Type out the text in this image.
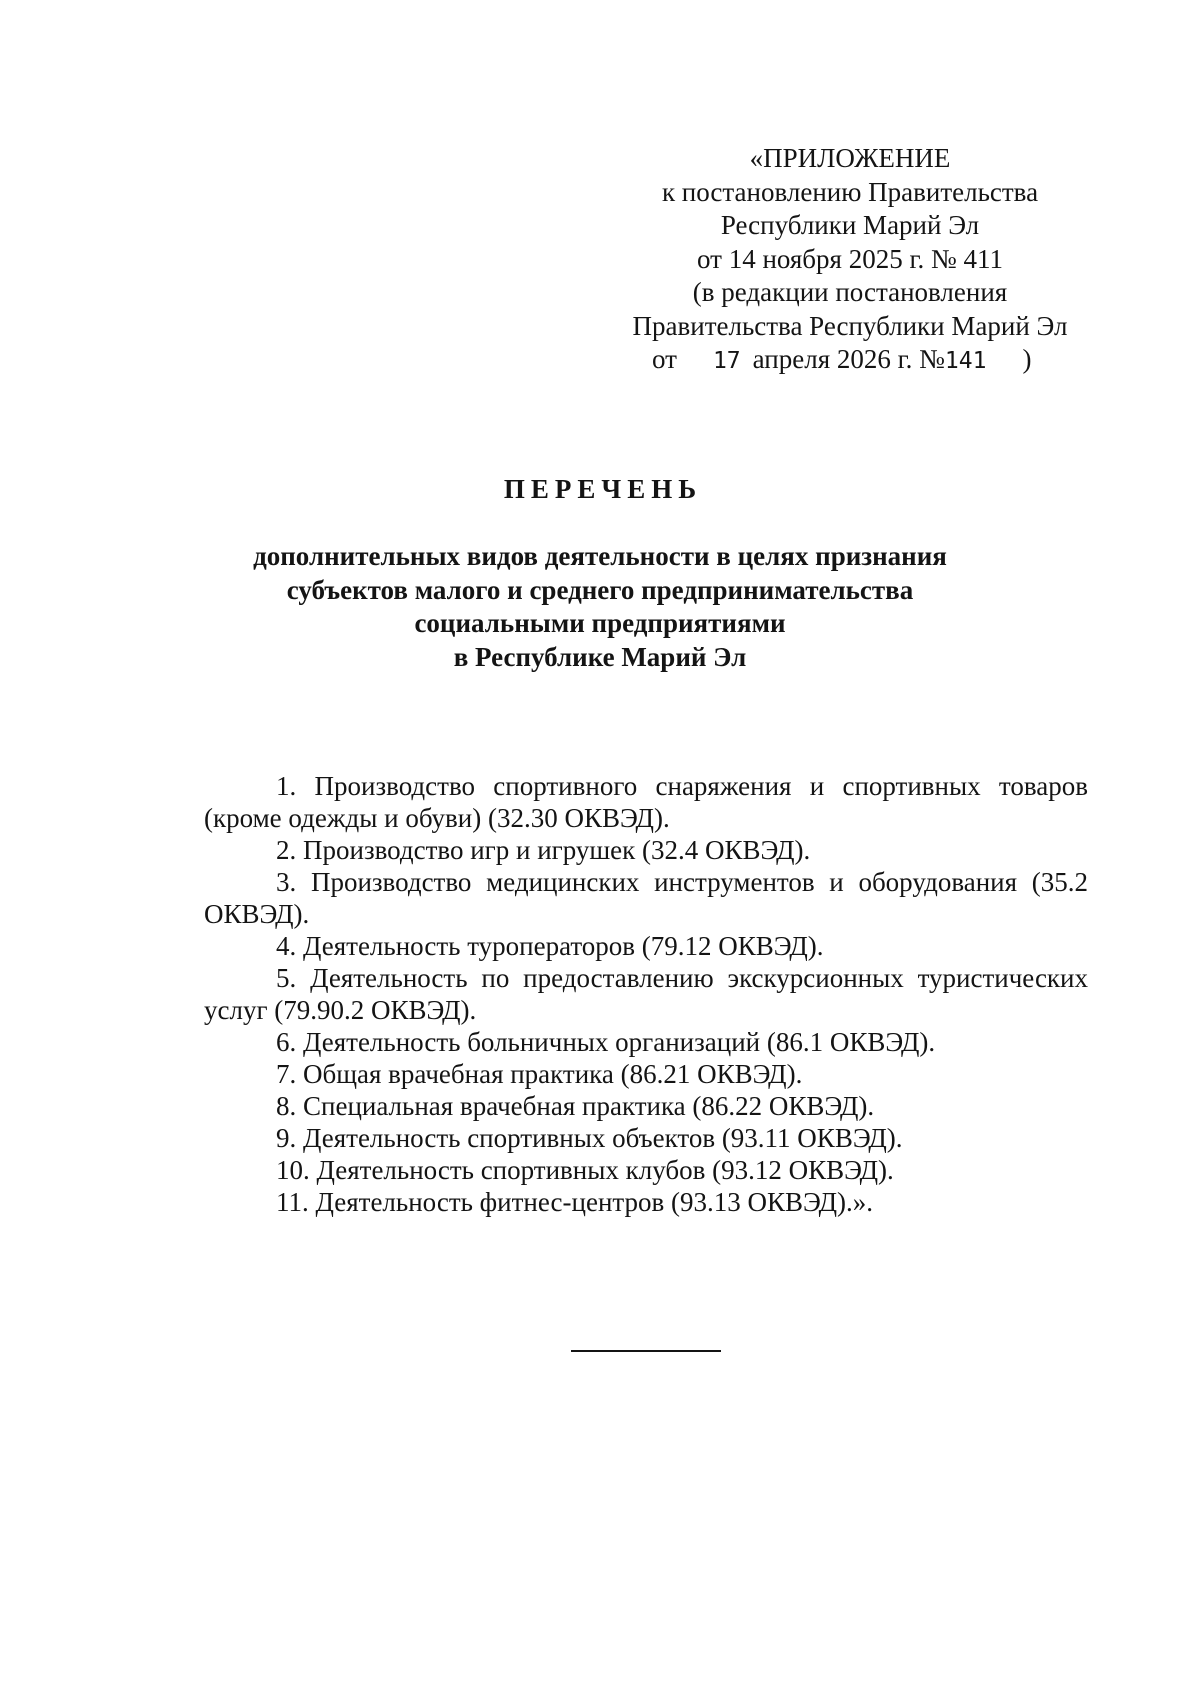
«ПРИЛОЖЕНИЕ
к постановлению Правительства
Республики Марий Эл
от 14 ноября 2025 г. № 411
(в редакции постановления
Правительства Республики Марий Эл
от 17 апреля 2026 г. №141 )
ПЕРЕЧЕНЬ
дополнительных видов деятельности в целях признания
субъектов малого и среднего предпринимательства
социальными предприятиями
в Республике Марий Эл
1. Производство спортивного снаряжения и спортивных товаров (кроме одежды и обуви) (32.30 ОКВЭД).
2. Производство игр и игрушек (32.4 ОКВЭД).
3. Производство медицинских инструментов и оборудования (35.2 ОКВЭД).
4. Деятельность туроператоров (79.12 ОКВЭД).
5. Деятельность по предоставлению экскурсионных туристических услуг (79.90.2 ОКВЭД).
6. Деятельность больничных организаций (86.1 ОКВЭД).
7. Общая врачебная практика (86.21 ОКВЭД).
8. Специальная врачебная практика (86.22 ОКВЭД).
9. Деятельность спортивных объектов (93.11 ОКВЭД).
10. Деятельность спортивных клубов (93.12 ОКВЭД).
11. Деятельность фитнес-центров (93.13 ОКВЭД).».
